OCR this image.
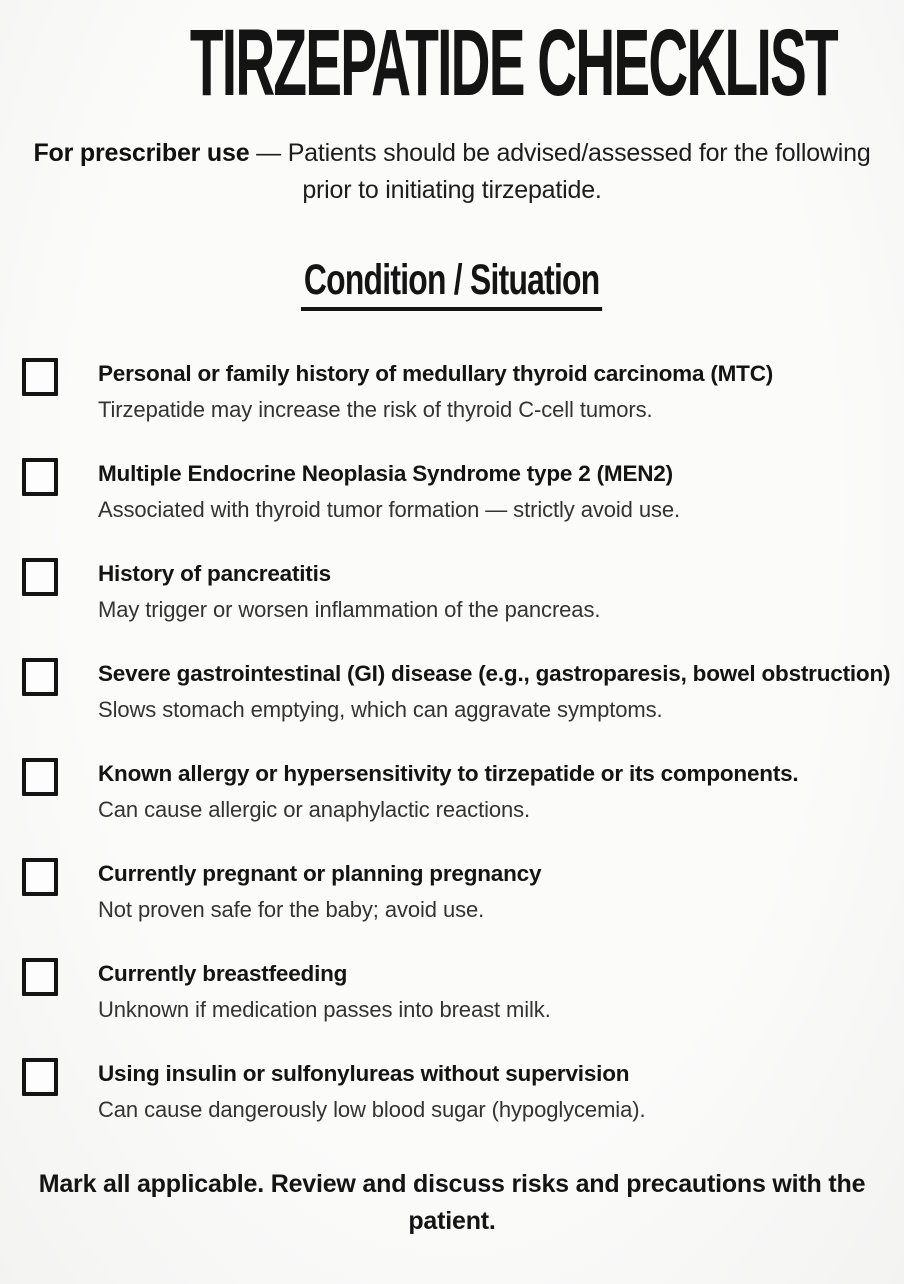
TIRZEPATIDE CHECKLIST

For prescriber use — Patients should be advised/assessed for the following prior to initiating tirzepatide.

Condition / Situation
Personal or family history of medullary thyroid carcinoma (MTC)
Tirzepatide may increase the risk of thyroid C-cell tumors.
Multiple Endocrine Neoplasia Syndrome type 2 (MEN2)
Associated with thyroid tumor formation — strictly avoid use.
History of pancreatitis
May trigger or worsen inflammation of the pancreas.
Severe gastrointestinal (GI) disease (e.g., gastroparesis, bowel obstruction)
Slows stomach emptying, which can aggravate symptoms.
Known allergy or hypersensitivity to tirzepatide or its components.
Can cause allergic or anaphylactic reactions.
Currently pregnant or planning pregnancy
Not proven safe for the baby; avoid use.
Currently breastfeeding
Unknown if medication passes into breast milk.
Using insulin or sulfonylureas without supervision
Can cause dangerously low blood sugar (hypoglycemia).

Mark all applicable. Review and discuss risks and precautions with the patient.
